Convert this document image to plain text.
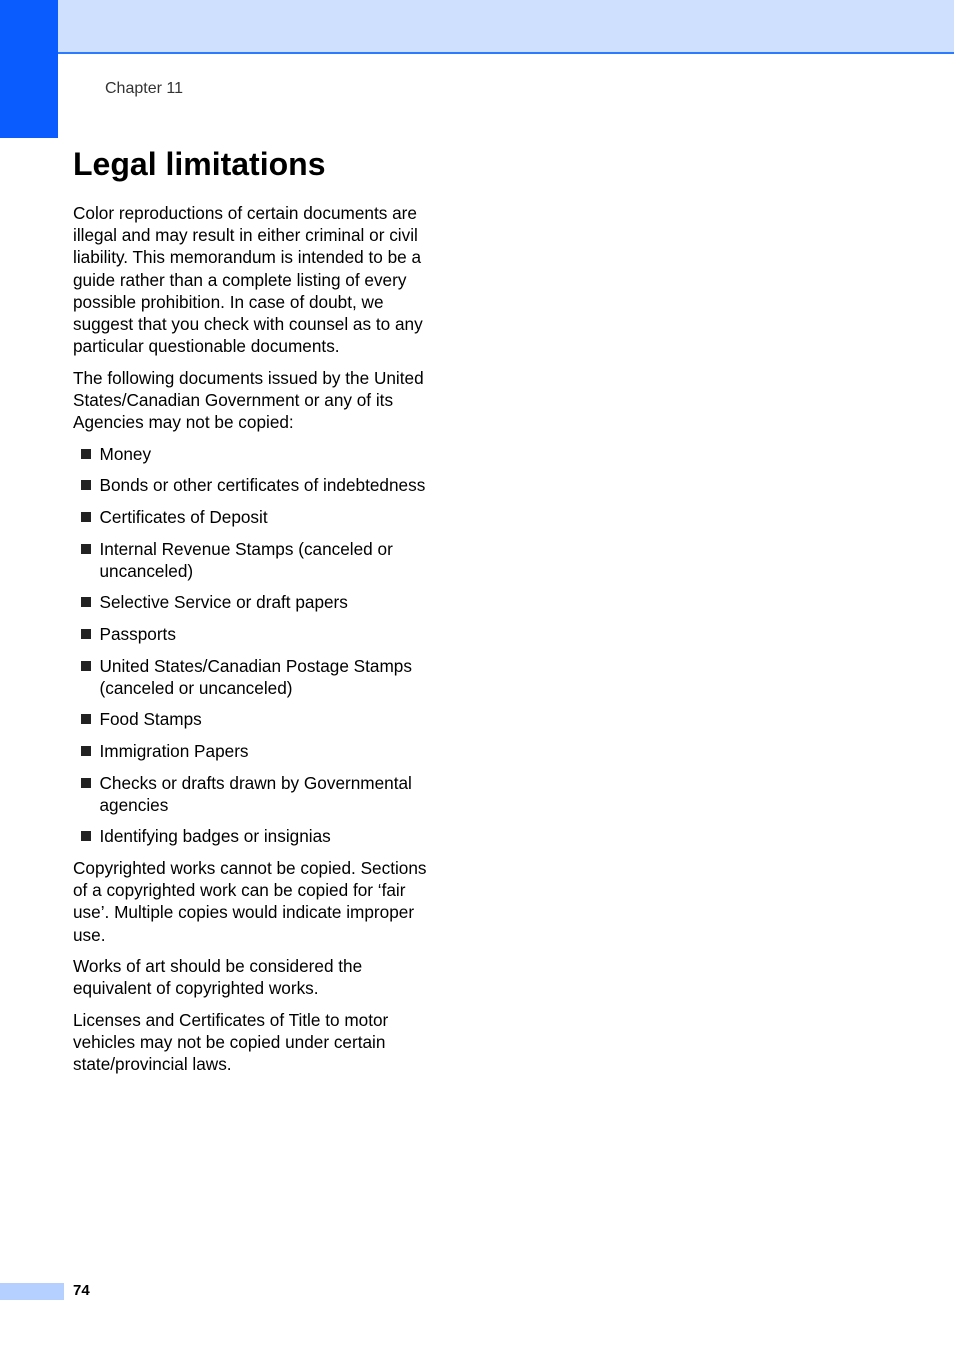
Chapter 11
Legal limitations

Color reproductions of certain documents are illegal and may result in either criminal or civil liability. This memorandum is intended to be a guide rather than a complete listing of every possible prohibition. In case of doubt, we suggest that you check with counsel as to any particular questionable documents.

The following documents issued by the United States/Canadian Government or any of its Agencies may not be copied:

Money
Bonds or other certificates of indebtedness
Certificates of Deposit
Internal Revenue Stamps (canceled or uncanceled)
Selective Service or draft papers
Passports
United States/Canadian Postage Stamps (canceled or uncanceled)
Food Stamps
Immigration Papers
Checks or drafts drawn by Governmental agencies
Identifying badges or insignias

Copyrighted works cannot be copied. Sections of a copyrighted work can be copied for ‘fair use’. Multiple copies would indicate improper use.

Works of art should be considered the equivalent of copyrighted works.

Licenses and Certificates of Title to motor vehicles may not be copied under certain state/provincial laws.

74
